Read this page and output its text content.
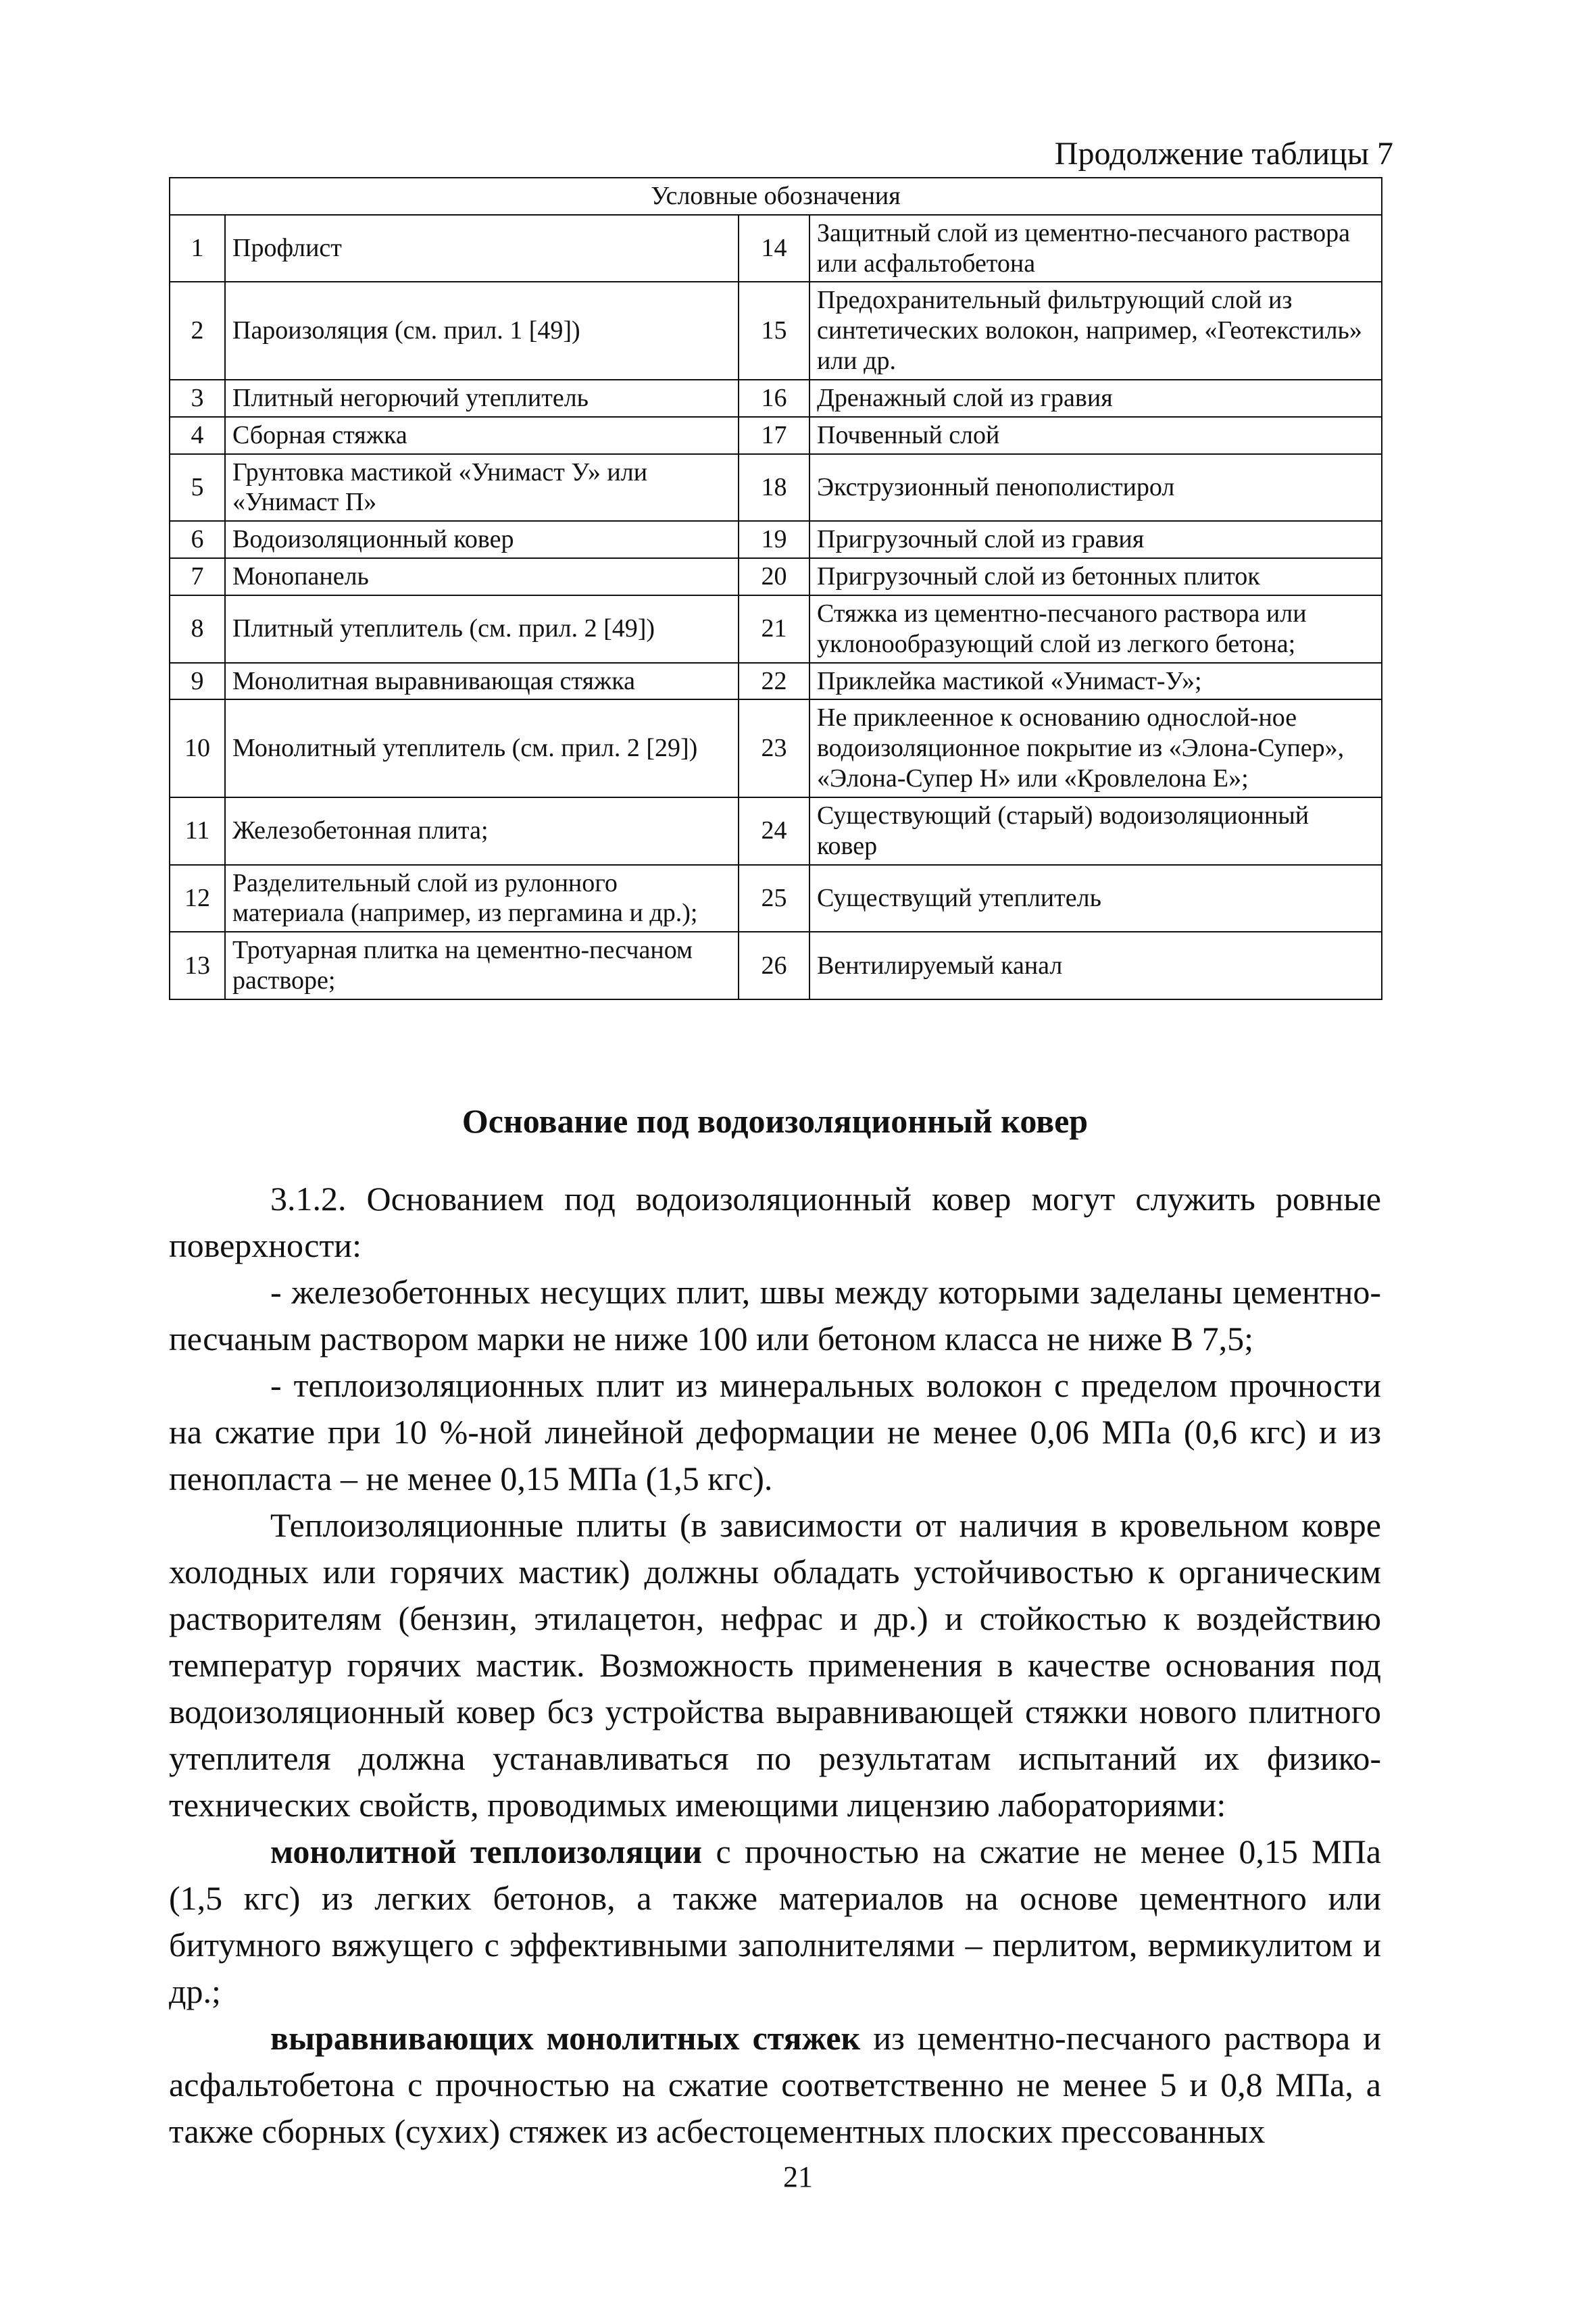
Продолжение таблицы 7
Условные обозначения			
1	Профлист	14	Защитный слой из цементно-песчаного раствора или асфальтобетона
2	Пароизоляция (см. прил. 1 [49])	15	Предохранительный фильтрующий слой из синтетических волокон, например, «Геотекстиль» или др.
3	Плитный негорючий утеплитель	16	Дренажный слой из гравия
4	Сборная стяжка	17	Почвенный слой
5	Грунтовка мастикой «Унимаст У» или «Унимаст П»	18	Экструзионный пенополистирол
6	Водоизоляционный ковер	19	Пригрузочный слой из гравия
7	Монопанель	20	Пригрузочный слой из бетонных плиток
8	Плитный утеплитель (см. прил. 2 [49])	21	Стяжка из цементно-песчаного раствора или уклонообразующий слой из легкого бетона;
9	Монолитная выравнивающая стяжка	22	Приклейка мастикой «Унимаст-У»;
10	Монолитный утеплитель (см. прил. 2 [29])	23	Не приклеенное к основанию однослой-ное водоизоляционное покрытие из «Элона-Супер», «Элона-Супер Н» или «Кровлелона Е»;
11	Железобетонная плита;	24	Существующий (старый) водоизоляционный ковер
12	Разделительный слой из рулонного материала (например, из пергамина и др.);	25	Существущий утеплитель
13	Тротуарная плитка на цементно-песчаном растворе;	26	Вентилируемый канал
Основание под водоизоляционный ковер

3.1.2. Основанием под водоизоляционный ковер могут служить ровные поверхности:

- железобетонных несущих плит, швы между которыми заделаны цементно-песчаным раствором марки не ниже 100 или бетоном класса не ниже В 7,5;

- теплоизоляционных плит из минеральных волокон с пределом прочности на сжатие при 10 %-ной линейной деформации не менее 0,06 МПа (0,6 кгс) и из пенопласта – не менее 0,15 МПа (1,5 кгс).

Теплоизоляционные плиты (в зависимости от наличия в кровельном ковре холодных или горячих мастик) должны обладать устойчивостью к органическим растворителям (бензин, этилацетон, нефрас и др.) и стойкостью к воздействию температур горячих мастик. Возможность применения в качестве основания под водоизоляционный ковер бсз устройства выравнивающей стяжки нового плитного утеплителя должна устанавливаться по результатам испытаний их физико-технических свойств, проводимых имеющими лицензию лабораториями:

монолитной теплоизоляции с прочностью на сжатие не менее 0,15 МПа (1,5 кгс) из легких бетонов, а также материалов на основе цементного или битумного вяжущего с эффективными заполнителями – перлитом, вермикулитом и др.;

выравнивающих монолитных стяжек из цементно-песчаного раствора и асфальтобетона с прочностью на сжатие соответственно не менее 5 и 0,8 МПа, а также сборных (сухих) стяжек из асбестоцементных плоских прессованных

21
